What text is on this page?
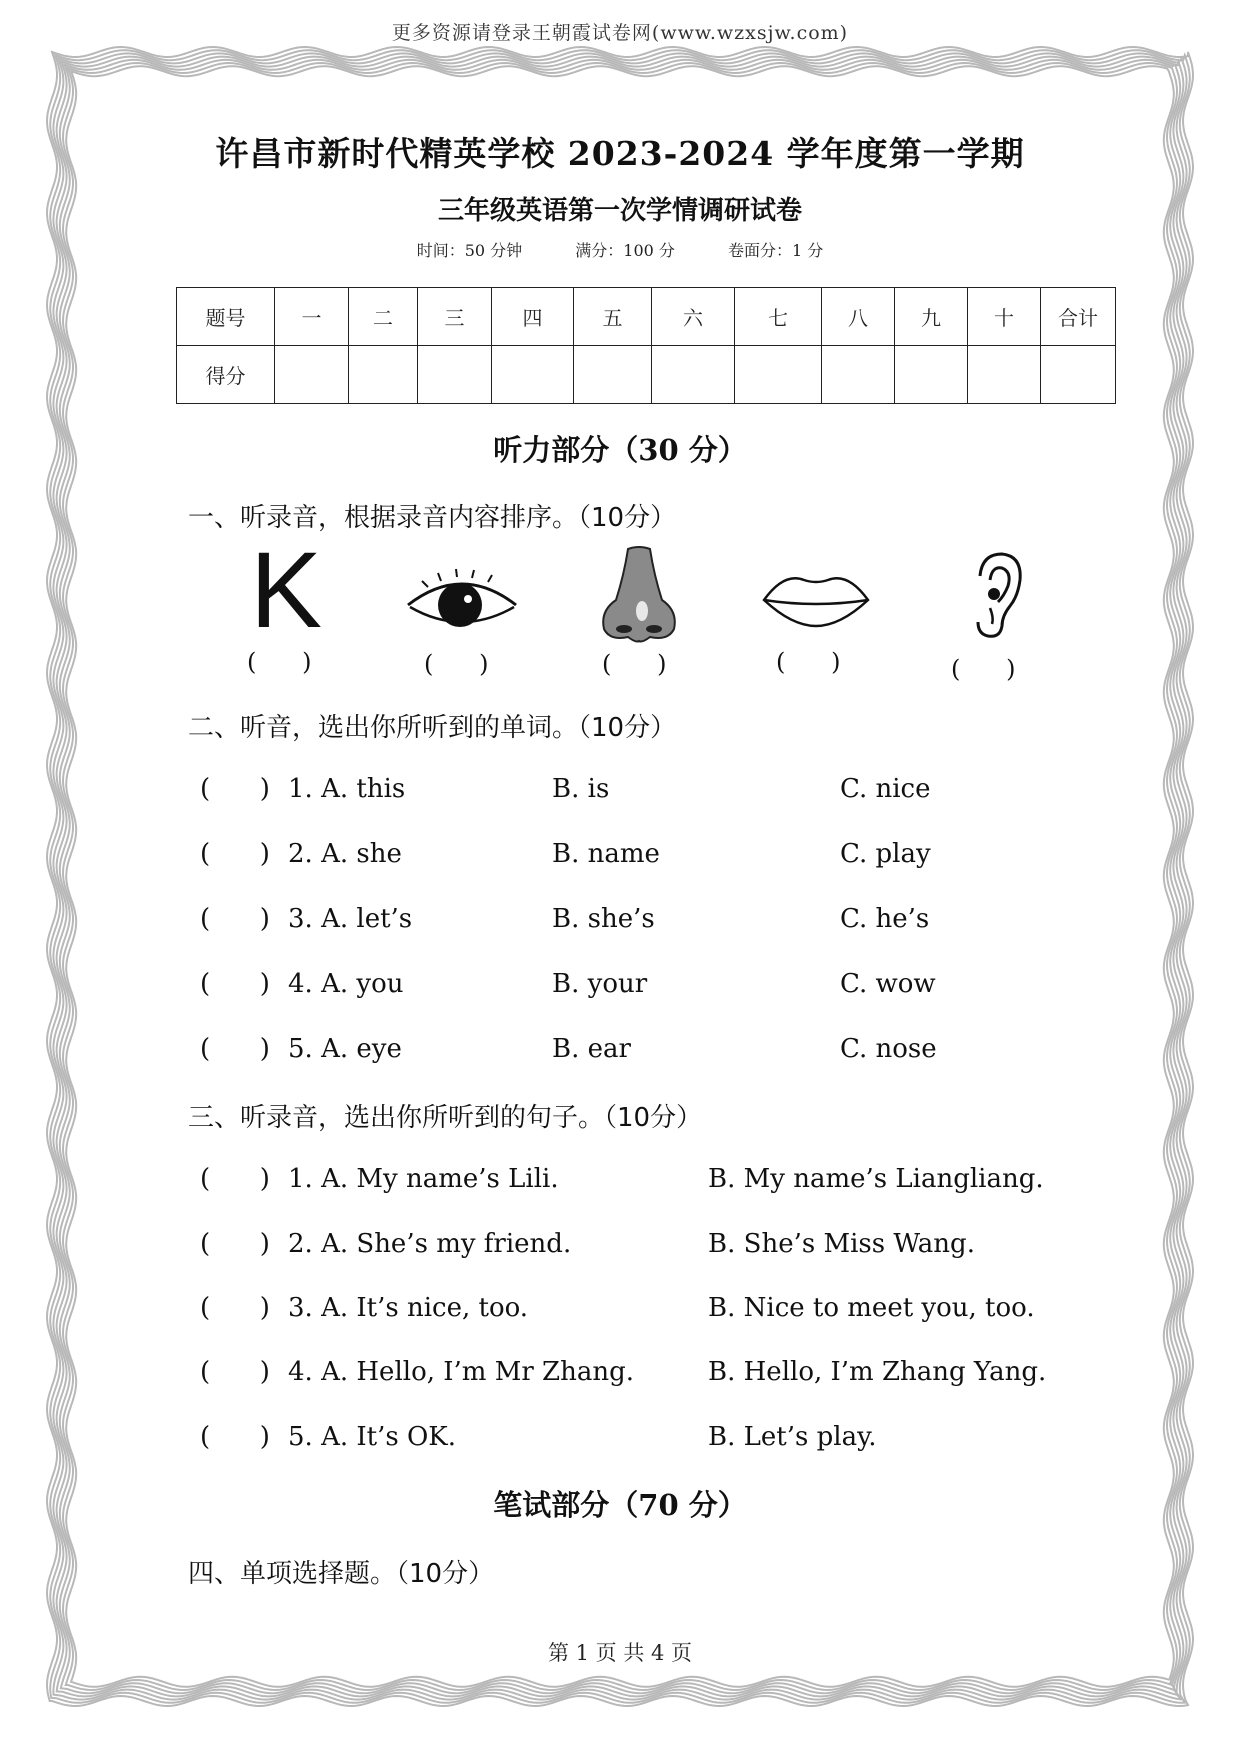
更多资源请登录王朝霞试卷网(www.wzxsjw.com)
许昌市新时代精英学校 2023-2024 学年度第一学期
三年级英语第一次学情调研试卷
时间：50 分钟	满分：100 分	卷面分：1 分
题号	一	二	三	四	五	六	七	八	九	十	合计
得分											
听力部分（30 分）
一、听录音，根据录音内容排序。（10分）
K
(      )	(      )	(      )	(      )	(      )
二、听音，选出你所听到的单词。（10分）
(      ) 1. A. this	B. is	C. nice
(      ) 2. A. she	B. name	C. play
(      ) 3. A. let’s	B. she’s	C. he’s
(      ) 4. A. you	B. your	C. wow
(      ) 5. A. eye	B. ear	C. nose
三、听录音，选出你所听到的句子。（10分）
(      ) 1. A. My name’s Lili.	B. My name’s Liangliang.
(      ) 2. A. She’s my friend.	B. She’s Miss Wang.
(      ) 3. A. It’s nice, too.	B. Nice to meet you, too.
(      ) 4. A. Hello, I’m Mr Zhang.	B. Hello, I’m Zhang Yang.
(      ) 5. A. It’s OK.	B. Let’s play.
笔试部分（70 分）
四、单项选择题。（10分）
第 1 页 共 4 页
